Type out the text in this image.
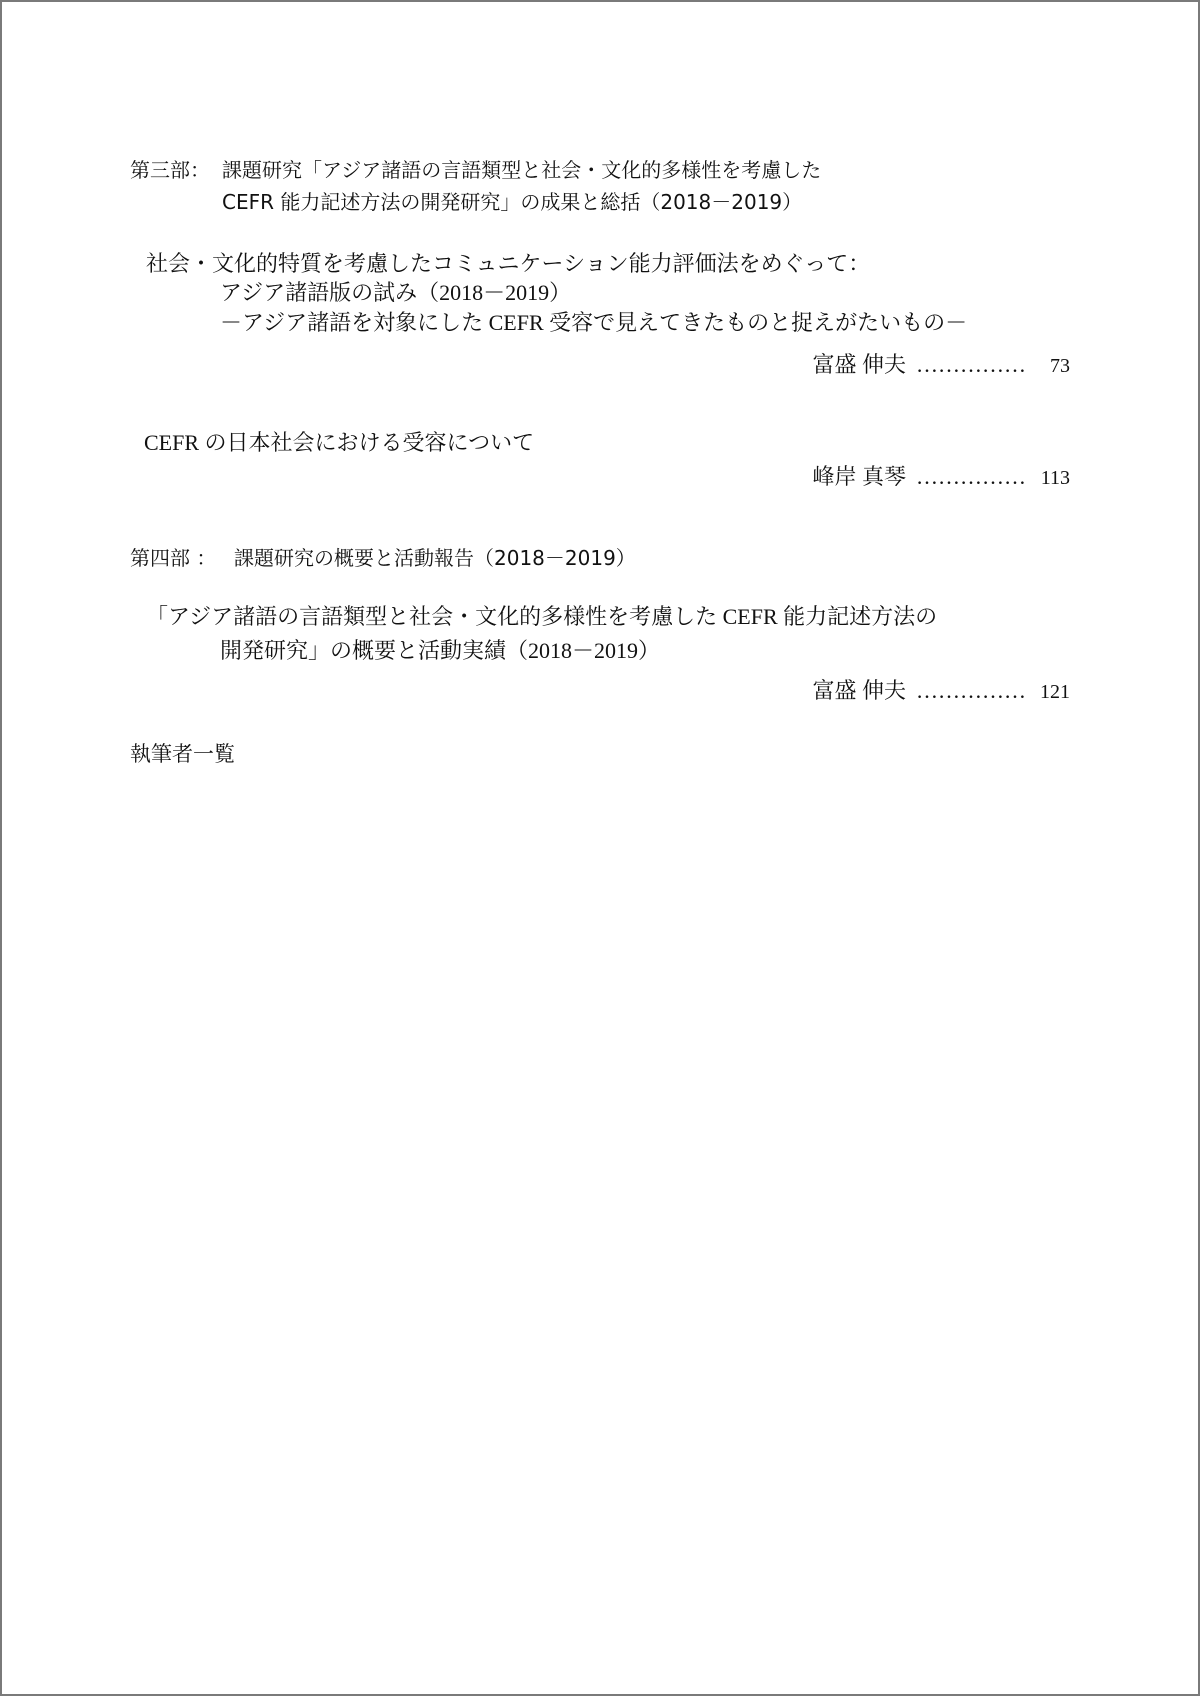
第三部： 課題研究「アジア諸語の言語類型と社会・文化的多様性を考慮した
CEFR 能力記述方法の開発研究」の成果と総括（2018－2019）
社会・文化的特質を考慮したコミュニケーション能力評価法をめぐって：
アジア諸語版の試み（2018－2019）
－アジア諸語を対象にした CEFR 受容で見えてきたものと捉えがたいもの－
富盛 伸夫 ……………	73
CEFR の日本社会における受容について
峰岸 真琴 …………… 113
第四部 ： 課題研究の概要と活動報告（2018－2019）
「アジア諸語の言語類型と社会・文化的多様性を考慮した CEFR 能力記述方法の
開発研究」の概要と活動実績（2018－2019）
富盛 伸夫 …………… 121
執筆者一覧
